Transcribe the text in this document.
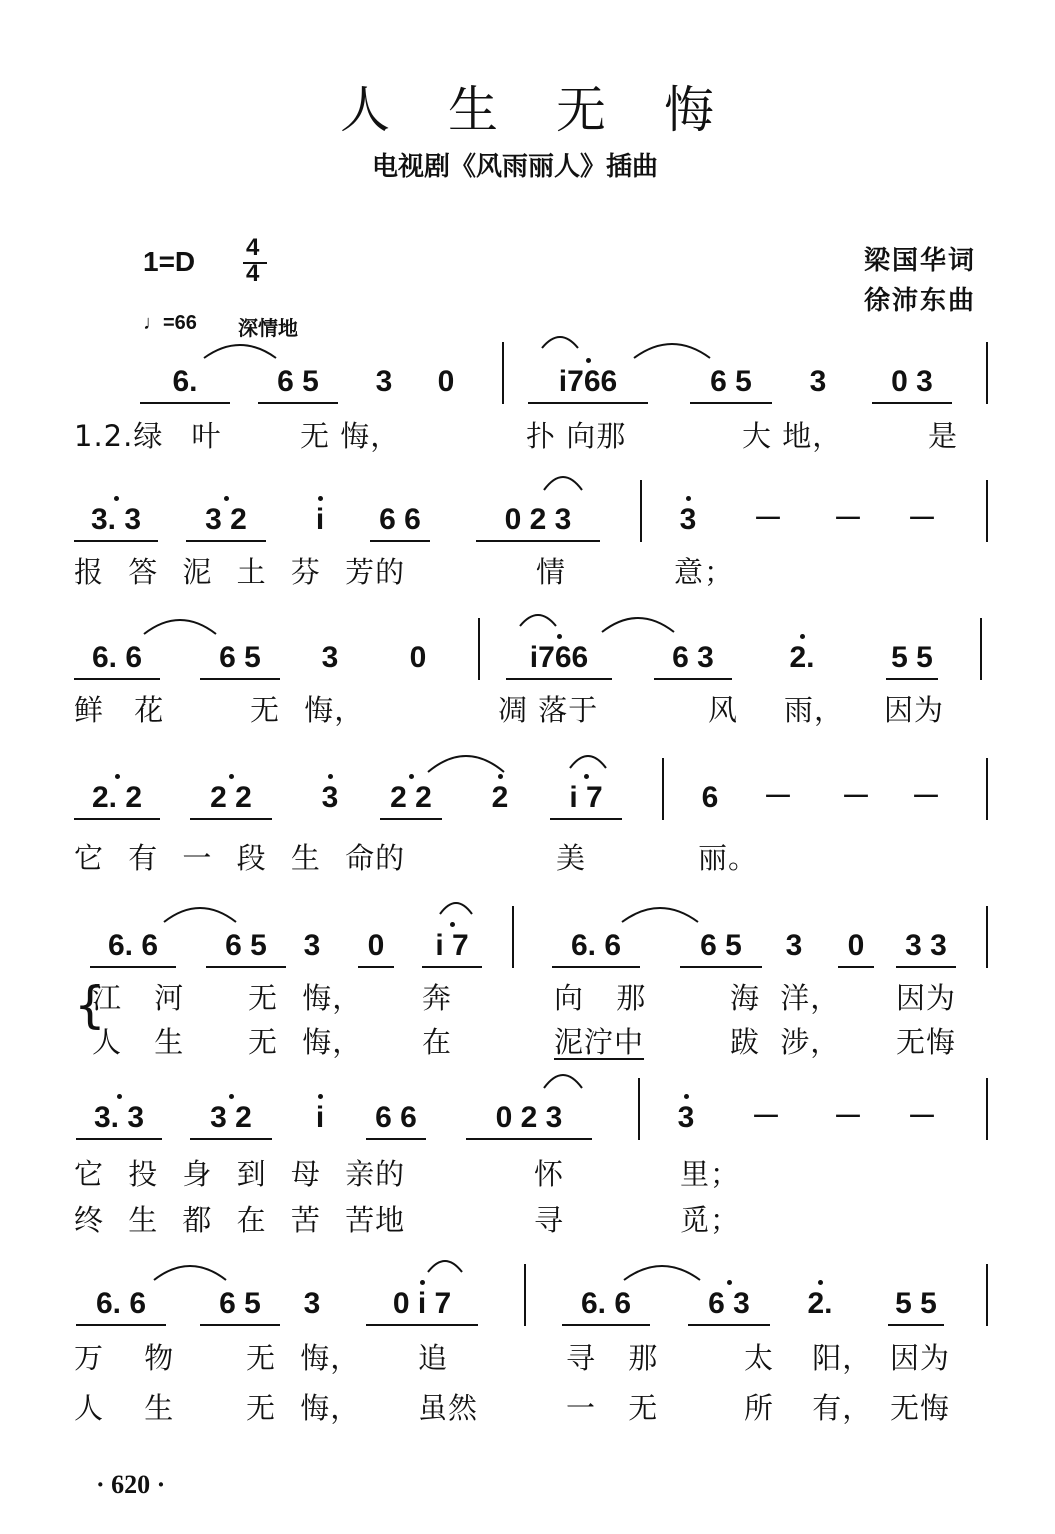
人生无悔
电视剧《风雨丽人》插曲
1=D 4
4
♩=66 深情地
梁国华词
徐沛东曲
6.	6 5	3	0	i766	6 5	3	0 3
1.2.绿 叶	无 悔，	扑 向那	大 地，	是
3. 3	3 2	i	6 6	0 2 3	3	－ － －
报 答 泥 土 芬 芳的	情	意；
6. 6	6 5	3	0	i766	6 3	2.	5 5
鲜 花	无 悔，	凋 落于	风 雨， 因为
2. 2	2 2	3	2 2	2	i 7	6	－ － －
它 有 一 段 生 命的	美	丽。
6. 6	6 5	3	0	i 7	6. 6	6 5	3	0	3 3
{
江 河 无 悔， 奔	向 那	海 洋， 因为
人 生 无 悔， 在	泥泞中	跋 涉， 无悔
3. 3	3 2	i	6 6	0 2 3	3	－ － －
它 投 身 到 母 亲的	怀	里；
终 生 都 在 苦 苦地	寻	觅；
6. 6	6 5	3	0 i 7	6. 6	6 3	2. 5 5
万 物 无 悔， 追	寻 那	太 阳， 因为
人 生 无 悔， 虽然	一 无	所 有， 无悔
· 620 ·
